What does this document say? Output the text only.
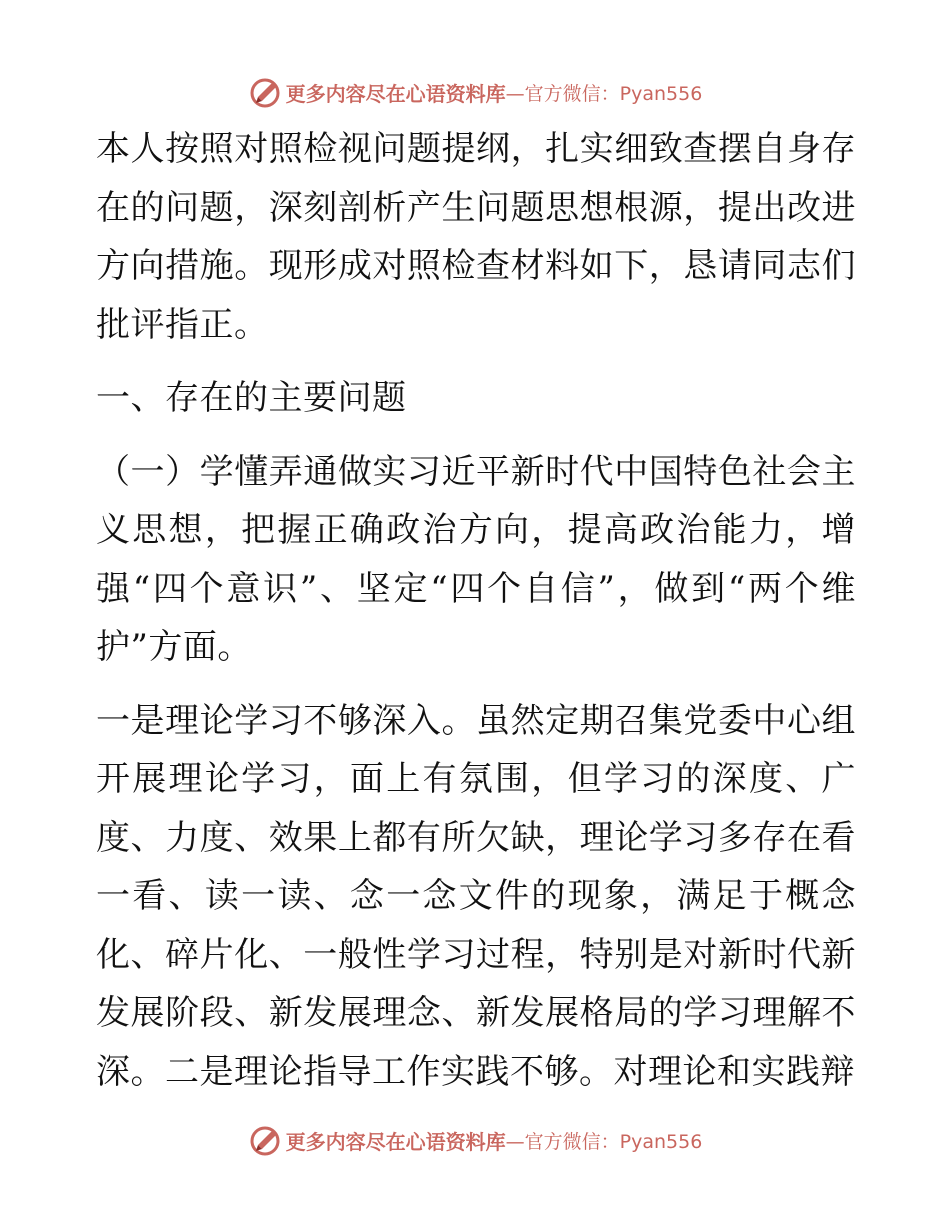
更多内容尽在心语资料库 —官方微信：Pyan556

本人按照对照检视问题提纲，扎实细致查摆自身存在的问题，深刻剖析产生问题思想根源，提出改进方向措施。现形成对照检查材料如下，恳请同志们批评指正。

一、存在的主要问题

（一）学懂弄通做实习近平新时代中国特色社会主义思想，把握正确政治方向，提高政治能力，增强“四个意识”、坚定“四个自信”，做到“两个维护”方面。

一是理论学习不够深入。虽然定期召集党委中心组开展理论学习，面上有氛围，但学习的深度、广度、力度、效果上都有所欠缺，理论学习多存在看一看、读一读、念一念文件的现象，满足于概念化、碎片化、一般性学习过程，特别是对新时代新发展阶段、新发展理念、新发展格局的学习理解不深。二是理论指导工作实践不够。对理论和实践辩

更多内容尽在心语资料库 —官方微信：Pyan556
